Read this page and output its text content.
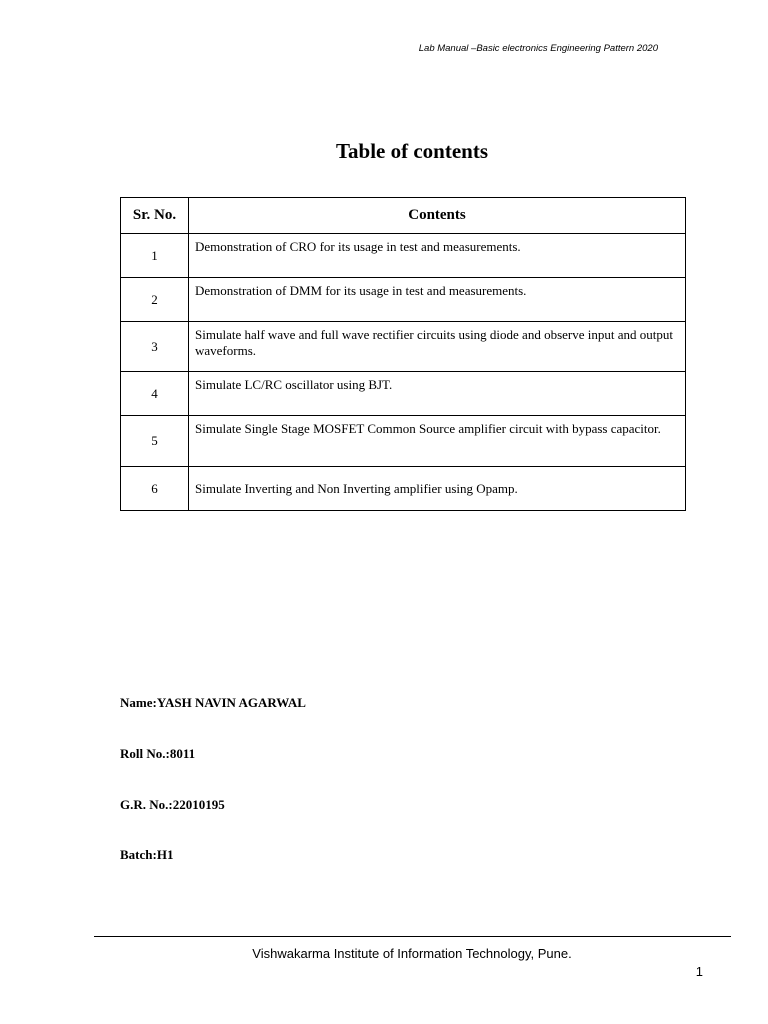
Lab Manual –Basic electronics Engineering Pattern 2020
Table of contents
Sr. No.	Contents
1	Demonstration of CRO for its usage in test and measurements.
2	Demonstration of DMM for its usage in test and measurements.
3	Simulate half wave and full wave rectifier circuits using diode and observe input and output waveforms.
4	Simulate LC/RC oscillator using BJT.
5	Simulate Single Stage MOSFET Common Source amplifier circuit with bypass capacitor.
6	Simulate Inverting and Non Inverting amplifier using Opamp.
Name:YASH NAVIN AGARWAL
Roll No.:8011
G.R. No.:22010195
Batch:H1
Vishwakarma Institute of Information Technology, Pune.
1
